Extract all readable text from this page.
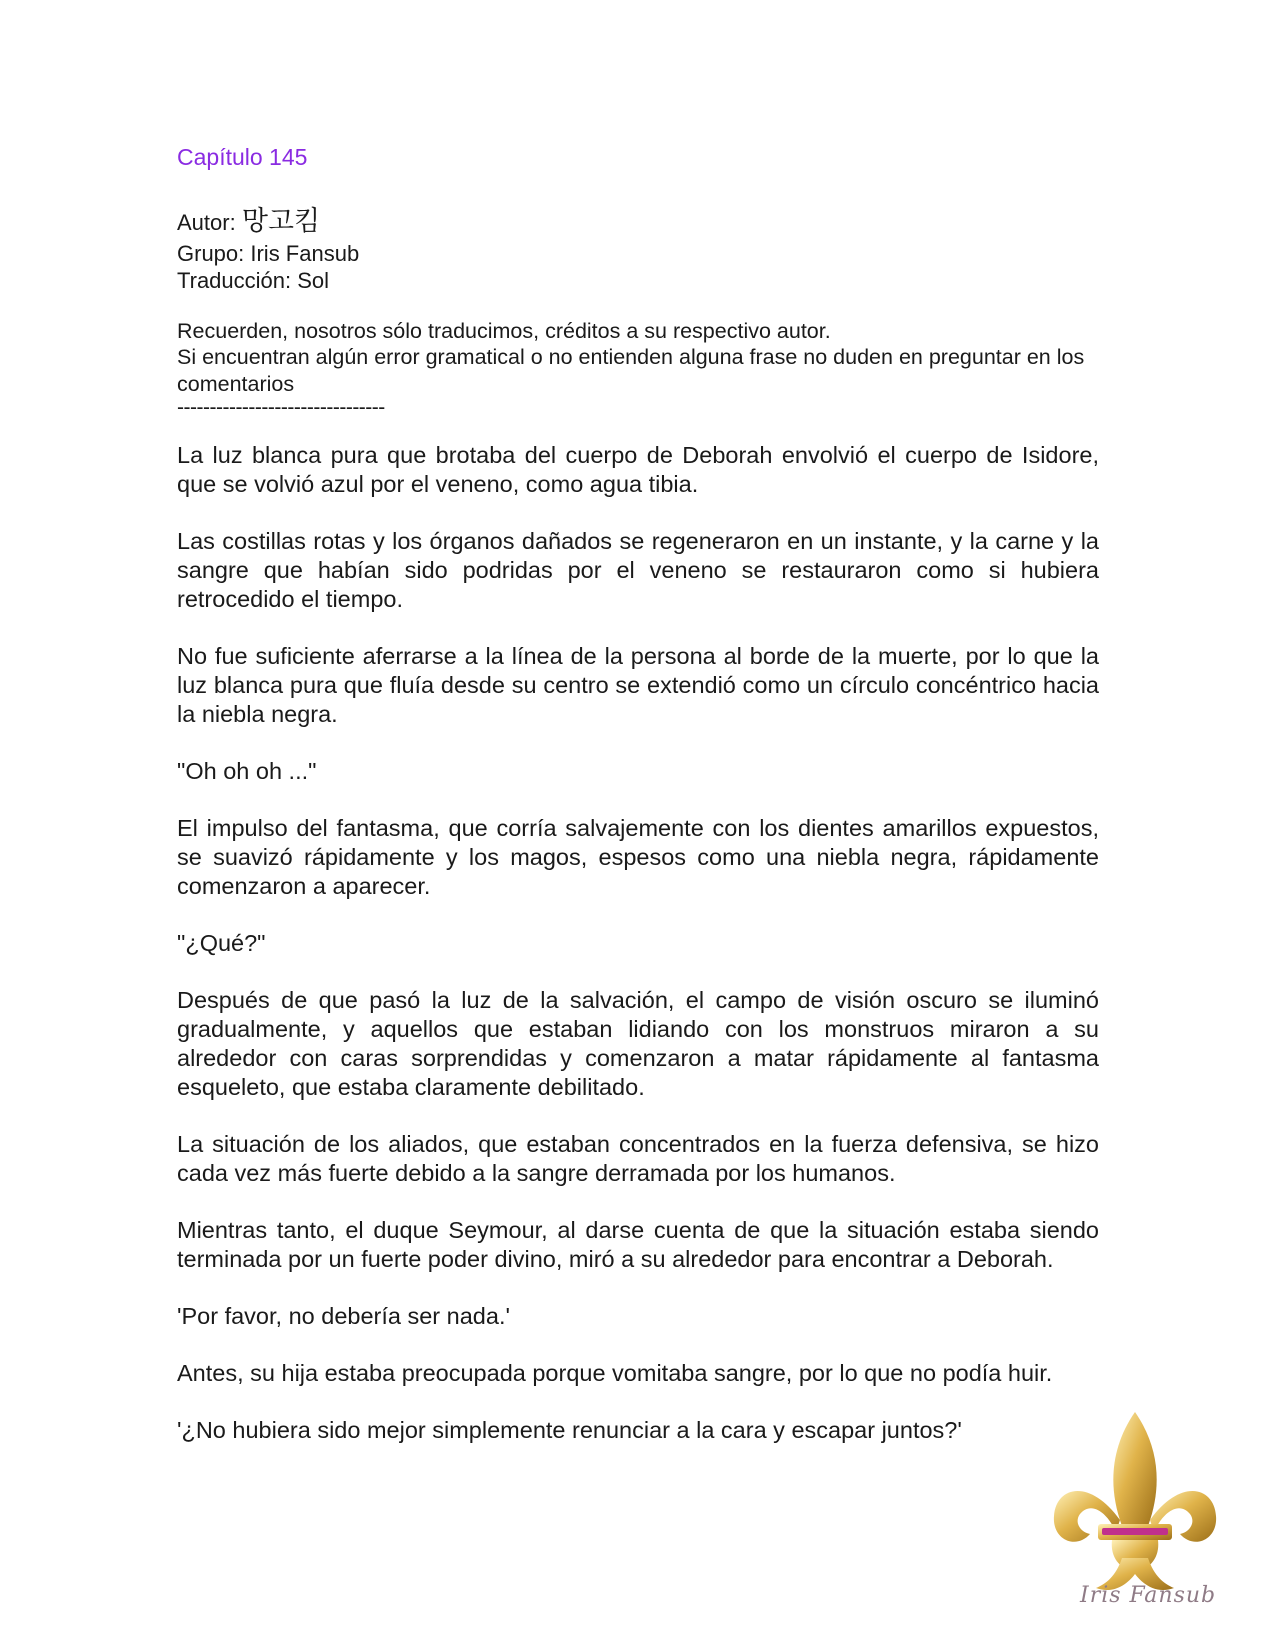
Capítulo 145
Autor: 망고킴
Grupo: Iris Fansub
Traducción: Sol

Recuerden, nosotros sólo traducimos, créditos a su respectivo autor.

Si encuentran algún error gramatical o no entienden alguna frase no duden en preguntar en los comentarios

--------------------------------

La luz blanca pura que brotaba del cuerpo de Deborah envolvió el cuerpo de Isidore, que se volvió azul por el veneno, como agua tibia.

Las costillas rotas y los órganos dañados se regeneraron en un instante, y la carne y la sangre que habían sido podridas por el veneno se restauraron como si hubiera retrocedido el tiempo.

No fue suficiente aferrarse a la línea de la persona al borde de la muerte, por lo que la luz blanca pura que fluía desde su centro se extendió como un círculo concéntrico hacia la niebla negra.

"Oh oh oh ..."

El impulso del fantasma, que corría salvajemente con los dientes amarillos expuestos, se suavizó rápidamente y los magos, espesos como una niebla negra, rápidamente comenzaron a aparecer.

"¿Qué?"

Después de que pasó la luz de la salvación, el campo de visión oscuro se iluminó gradualmente, y aquellos que estaban lidiando con los monstruos miraron a su alrededor con caras sorprendidas y comenzaron a matar rápidamente al fantasma esqueleto, que estaba claramente debilitado.

La situación de los aliados, que estaban concentrados en la fuerza defensiva, se hizo cada vez más fuerte debido a la sangre derramada por los humanos.

Mientras tanto, el duque Seymour, al darse cuenta de que la situación estaba siendo terminada por un fuerte poder divino, miró a su alrededor para encontrar a Deborah.

'Por favor, no debería ser nada.'

Antes, su hija estaba preocupada porque vomitaba sangre, por lo que no podía huir.

'¿No hubiera sido mejor simplemente renunciar a la cara y escapar juntos?'

Iris Fansub
